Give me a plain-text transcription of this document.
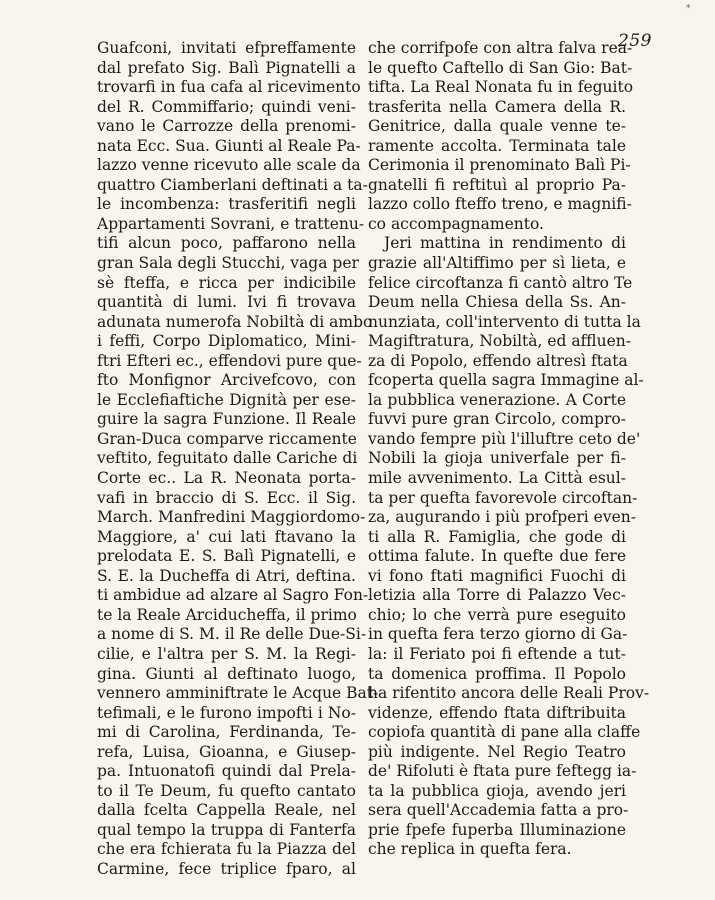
*
259
Guafconi, invitati efpreffamente
dal prefato Sig. Balì Pignatelli a
trovarfi in fua cafa al ricevimento
del R. Commiffario; quindi veni-
vano le Carrozze della prenomi-
nata Ecc. Sua. Giunti al Reale Pa-
lazzo venne ricevuto alle scale da
quattro Ciamberlani deftinati a ta-
le incombenza: trasferitifi negli
Appartamenti Sovrani, e trattenu-
tifi alcun poco, paffarono nella
gran Sala degli Stucchi, vaga per
sè fteffa, e ricca per indicibile
quantità di lumi. Ivi fi trovava
adunata numerofa Nobiltà di ambo
i feffi, Corpo Diplomatico, Mini-
ftri Efteri ec., effendovi pure que-
fto Monfignor Arcivefcovo, con
le Ecclefiaftiche Dignità per ese-
guire la sagra Funzione. Il Reale
Gran-Duca comparve riccamente
veftito, feguitato dalle Cariche di
Corte ec.. La R. Neonata porta-
vafi in braccio di S. Ecc. il Sig.
March. Manfredini Maggiordomo-
Maggiore, a' cui lati ftavano la
prelodata E. S. Balì Pignatelli, e
S. E. la Ducheffa di Atri, deftina.
ti ambidue ad alzare al Sagro Fon-
te la Reale Arciducheffa, il primo
a nome di S. M. il Re delle Due-Si-
cilie, e l'altra per S. M. la Regi-
gina. Giunti al deftinato luogo,
vennero amminiftrate le Acque Bat-
tefimali, e le furono impofti i No-
mi di Carolina, Ferdinanda, Te-
refa, Luisa, Gioanna, e Giusep-
pa. Intuonatofi quindi dal Prela-
to il Te Deum, fu quefto cantato
dalla fcelta Cappella Reale, nel
qual tempo la truppa di Fanterfa
che era fchierata fu la Piazza del
Carmine, fece triplice fparo, al
che corrifpofe con altra falva rea-
le quefto Caftello di San Gio: Bat-
tifta. La Real Nonata fu in feguito
trasferita nella Camera della R.
Genitrice, dalla quale venne te-
ramente accolta. Terminata tale
Cerimonia il prenominato Balì Pi-
gnatelli fi reftituì al proprio Pa-
lazzo collo fteffo treno, e magnifi-
co accompagnamento.
Jeri mattina in rendimento di
grazie all'Altiffimo per sì lieta, e
felice circoftanza fi cantò altro Te
Deum nella Chiesa della Ss. An-
nunziata, coll'intervento di tutta la
Magiftratura, Nobiltà, ed affluen-
za di Popolo, effendo altresì ftata
fcoperta quella sagra Immagine al-
la pubblica venerazione. A Corte
fuvvi pure gran Circolo, compro-
vando fempre più l'illuftre ceto de'
Nobili la gioja univerfale per fi-
mile avvenimento. La Città esul-
ta per quefta favorevole circoftan-
za, augurando i più profperi even-
ti alla R. Famiglia, che gode di
ottima falute. In quefte due fere
vi fono ftati magnifici Fuochi di
letizia alla Torre di Palazzo Vec-
chio; lo che verrà pure eseguito
in quefta fera terzo giorno di Ga-
la: il Feriato poi fi eftende a tut-
ta domenica proffima. Il Popolo
ha rifentito ancora delle Reali Prov-
videnze, effendo ftata diftribuita
copiofa quantità di pane alla claffe
più indigente. Nel Regio Teatro
de' Rifoluti è ftata pure feftegg ia-
ta la pubblica gioja, avendo jeri
sera quell'Accademia fatta a pro-
prie fpefe fuperba Illuminazione
che replica in quefta fera.
